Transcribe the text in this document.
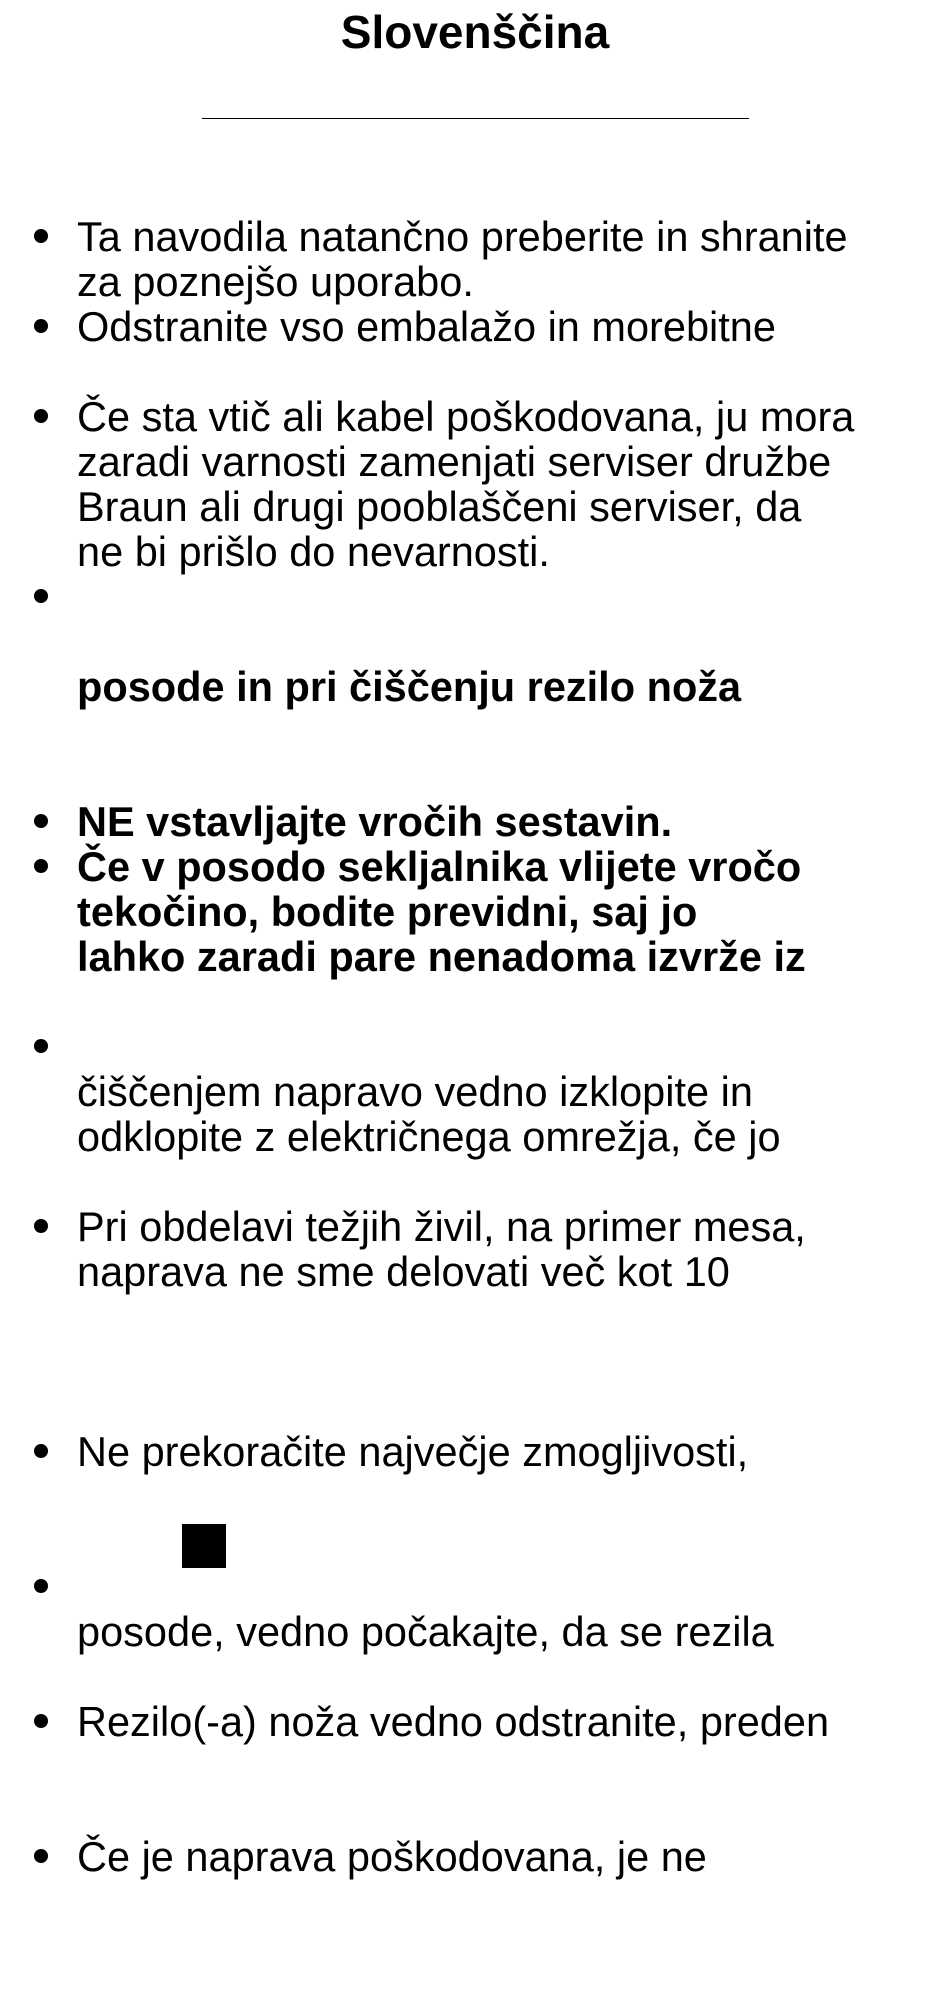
Slovenščina
Ta navodila natančno preberite in shranite
za poznejšo uporabo.
Odstranite vso embalažo in morebitne
Če sta vtič ali kabel poškodovana, ju mora
zaradi varnosti zamenjati serviser družbe
Braun ali drugi pooblaščeni serviser, da
ne bi prišlo do nevarnosti.
posode in pri čiščenju rezilo noža
NE vstavljajte vročih sestavin.
Če v posodo sekljalnika vlijete vročo
tekočino, bodite previdni, saj jo
lahko zaradi pare nenadoma izvrže iz
čiščenjem napravo vedno izklopite in
odklopite z električnega omrežja, če jo
Pri obdelavi težjih živil, na primer mesa,
naprava ne sme delovati več kot 10
Ne prekoračite največje zmogljivosti,
posode, vedno počakajte, da se rezila
Rezilo(-a) noža vedno odstranite, preden
Če je naprava poškodovana, je ne
